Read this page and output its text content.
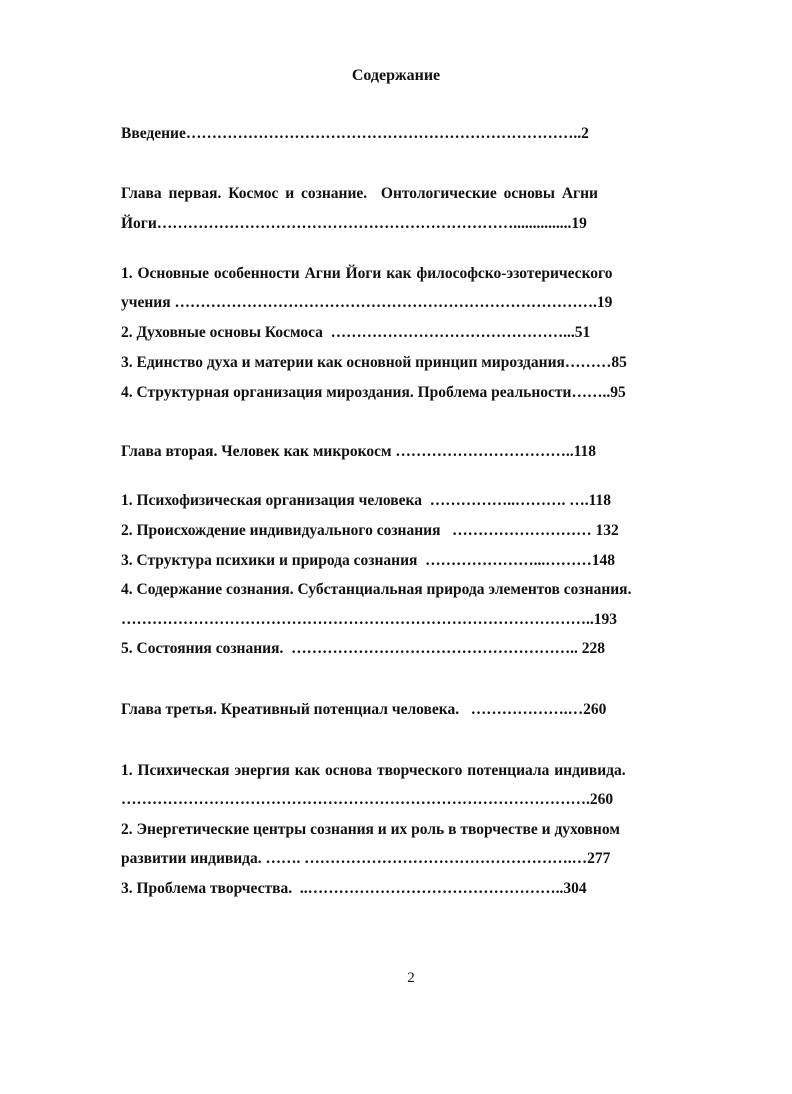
Содержание
Введение…………………………………………………………………..2
Глава первая. Космос и сознание.  Онтологические основы Агни
Йоги……………………………………………………………...............19
1. Основные особенности Агни Йоги как философско-эзотерического
учения ……………………………………………………………………….19
2. Духовные основы Космоса  ………………………………………...51
3. Единство духа и материи как основной принцип мироздания………85
4. Структурная организация мироздания. Проблема реальности……..95
Глава вторая. Человек как микрокосм ……………………………..118
1. Психофизическая организация человека  ……………..………. ….118
2. Происхождение индивидуального сознания   ……………………… 132
3. Структура психики и природа сознания  …………………...………148
4. Содержание сознания. Субстанциальная природа элементов сознания.
………………………………………………………………………………..193
5. Состояния сознания.  ……………………………………………….. 228
Глава третья. Креативный потенциал человека.   ……………….…260
1. Психическая энергия как основа творческого потенциала индивида.
……………………………………………………………………………….260
2. Энергетические центры сознания и их роль в творчестве и духовном
развитии индивида. ……. …………………………………………….…277
3. Проблема творчества.  ..…………………………………………..304
2
